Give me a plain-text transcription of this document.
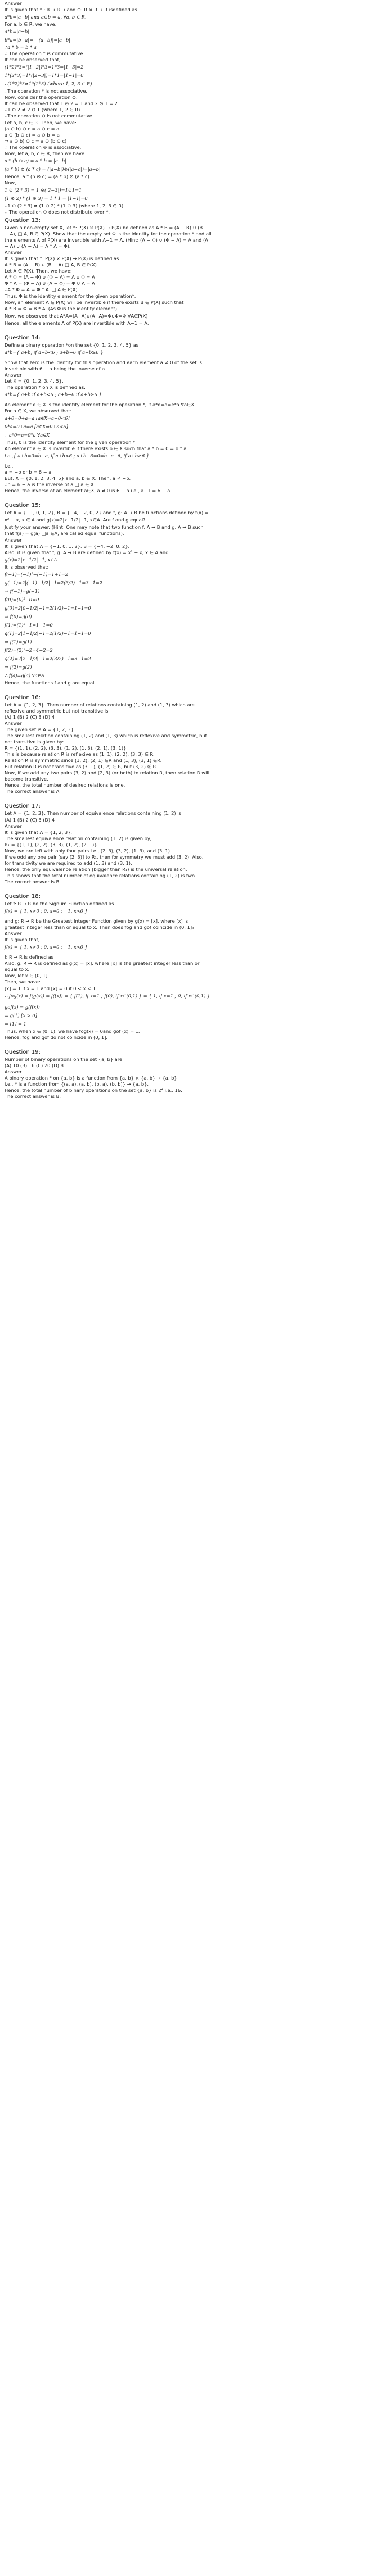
Answer
It is given that * : R → R → and ⊙: R × R → R isdefined as
a*b=|a−b| and a⊙b = a, ∀a, b ∈ R.
For a, b ∈ R, we have:
a*b=|a−b|
b*a=|b−a|=|−(a−b)|=|a−b|
∴a * b = b * a
∴ The operation * is commutative.
It can be observed that,
(1*2)*3=(|1−2|)*3=1*3=|1−3|=2
1*(2*3)=1*(|2−3|)=1*1=|1−1|=0
∴(1*2)*3≠1*(2*3) (where 1, 2, 3 ∈ R)
∴The operation * is not associative.
Now, consider the operation ⊙.
It can be observed that 1 ⊙ 2 = 1 and 2 ⊙ 1 = 2.
∴1 ⊙ 2 ≠ 2 ⊙ 1 (where 1, 2 ∈ R)
∴The operation ⊙ is not commutative.
Let a, b, c ∈ R. Then, we have:
(a ⊙ b) ⊙ c = a ⊙ c = a
a ⊙ (b ⊙ c) = a ⊙ b = a
⇒ a ⊙ b) ⊙ c = a ⊙ (b ⊙ c)
∴ The operation ⊙ is associative.
Now, let a, b, c ∈ R, then we have:
a * (b ⊙ c) = a * b = |a−b|
(a * b) ⊙ (a * c) = (|a−b|)⊙(|a−c|)=|a−b|
Hence, a * (b ⊙ c) = (a * b) ⊙ (a * c).
Now,
1 ⊙ (2 * 3) = 1 ⊙(|2−3|)=1⊙1=1
(1 ⊙ 2) * (1 ⊙ 3) = 1 * 1 = |1−1|=0
∴1 ⊙ (2 * 3) ≠ (1 ⊙ 2) * (1 ⊙ 3) (where 1, 2, 3 ∈ R)
∴ The operation ⊙ does not distribute over *.
Question 13:
Given a non-empty set X, let *: P(X) × P(X) → P(X) be defined as A * B = (A − B) ∪ (B
− A), □ A, B ∈ P(X). Show that the empty set Φ is the identity for the operation * and all
the elements A of P(X) are invertible with A−1 = A. (Hint: (A − Φ) ∪ (Φ − A) = A and (A
− A) ∪ (A − A) = A * A = Φ).
Answer
It is given that *: P(X) × P(X) → P(X) is defined as
A * B = (A − B) ∪ (B − A) □ A, B ∈ P(X).
Let A ∈ P(X). Then, we have:
A * Φ = (A − Φ) ∪ (Φ − A) = A ∪ Φ = A
Φ * A = (Φ − A) ∪ (A − Φ) = Φ ∪ A = A
∴A * Φ = A = Φ * A. □ A ∈ P(X)
Thus, Φ is the identity element for the given operation*.
Now, an element A ∈ P(X) will be invertible if there exists B ∈ P(X) such that
A * B = Φ = B * A. (As Φ is the identity element)
Now, we observed that A*A=(A−A)∪(A−A)=Φ∪Φ=Φ ∀A∈P(X)
Hence, all the elements A of P(X) are invertible with A−1 = A.
Question 14:
Define a binary operation *on the set {0, 1, 2, 3, 4, 5} as
a*b={ a+b, if a+b<6 ; a+b−6 if a+b≥6 }
Show that zero is the identity for this operation and each element a ≠ 0 of the set is
invertible with 6 − a being the inverse of a.
Answer
Let X = {0, 1, 2, 3, 4, 5}.
The operation * on X is defined as:
a*b={ a+b if a+b<6 ; a+b−6 if a+b≥6 }
An element e ∈ X is the identity element for the operation *, if a*e=a=e*a ∀a∈X
For a ∈ X, we observed that:
a+0=0+a=a [a∈X⇒a+0<6]
0*a=0+a=a [a∈X⇒0+a<6]
∴ a*0=a=0*a ∀a∈X
Thus, 0 is the identity element for the given operation *.
An element a ∈ X is invertible if there exists b ∈ X such that a * b = 0 = b * a.
i.e.,{ a+b=0=b+a, if a+b<6 ; a+b−6=0=b+a−6, if a+b≥6 }
i.e.,
a = −b or b = 6 − a
But, X = {0, 1, 2, 3, 4, 5} and a, b ∈ X. Then, a ≠ −b.
∴b = 6 − a is the inverse of a □ a ∈ X.
Hence, the inverse of an element a∈X, a ≠ 0 is 6 − a i.e., a−1 = 6 − a.
Question 15:
Let A = {−1, 0, 1, 2}, B = {−4, −2, 0, 2} and f, g: A → B be functions defined by f(x) =
x² − x, x ∈ A and g(x)=2|x−1/2|−1, x∈A. Are f and g equal?
Justify your answer. (Hint: One may note that two function f: A → B and g: A → B such
that f(a) = g(a) □a ∈A, are called equal functions).
Answer
It is given that A = {−1, 0, 1, 2}, B = {−4, −2, 0, 2}.
Also, it is given that f, g: A → B are defined by f(x) = x² − x, x ∈ A and
g(x)=2|x−1/2|−1, x∈A
It is observed that:
f(−1)=(−1)²−(−1)=1+1=2
g(−1)=2|(−1)−1/2|−1=2(3/2)−1=3−1=2
⇒ f(−1)=g(−1)
f(0)=(0)²−0=0
g(0)=2|0−1/2|−1=2(1/2)−1=1−1=0
⇒ f(0)=g(0)
f(1)=(1)²−1=1−1=0
g(1)=2|1−1/2|−1=2(1/2)−1=1−1=0
⇒ f(1)=g(1)
f(2)=(2)²−2=4−2=2
g(2)=2|2−1/2|−1=2(3/2)−1=3−1=2
⇒ f(2)=g(2)
∴ f(a)=g(a) ∀a∈A
Hence, the functions f and g are equal.
Question 16:
Let A = {1, 2, 3}. Then number of relations containing (1, 2) and (1, 3) which are
reflexive and symmetric but not transitive is
(A) 1 (B) 2 (C) 3 (D) 4
Answer
The given set is A = {1, 2, 3}.
The smallest relation containing (1, 2) and (1, 3) which is reflexive and symmetric, but
not transitive is given by:
R = {(1, 1), (2, 2), (3, 3), (1, 2), (1, 3), (2, 1), (3, 1)}
This is because relation R is reflexive as (1, 1), (2, 2), (3, 3) ∈ R.
Relation R is symmetric since (1, 2), (2, 1) ∈R and (1, 3), (3, 1) ∈R.
But relation R is not transitive as (3, 1), (1, 2) ∈ R, but (3, 2) ∉ R.
Now, if we add any two pairs (3, 2) and (2, 3) (or both) to relation R, then relation R will
become transitive.
Hence, the total number of desired relations is one.
The correct answer is A.
Question 17:
Let A = {1, 2, 3}. Then number of equivalence relations containing (1, 2) is
(A) 1 (B) 2 (C) 3 (D) 4
Answer
It is given that A = {1, 2, 3}.
The smallest equivalence relation containing (1, 2) is given by,
R₁ = {(1, 1), (2, 2), (3, 3), (1, 2), (2, 1)}
Now, we are left with only four pairs i.e., (2, 3), (3, 2), (1, 3), and (3, 1).
If we odd any one pair [say (2, 3)] to R₁, then for symmetry we must add (3, 2). Also,
for transitivity we are required to add (1, 3) and (3, 1).
Hence, the only equivalence relation (bigger than R₁) is the universal relation.
This shows that the total number of equivalence relations containing (1, 2) is two.
The correct answer is B.
Question 18:
Let f: R → R be the Signum Function defined as
f(x) = { 1, x>0 ; 0, x=0 ; −1, x<0 }
and g: R → R be the Greatest Integer Function given by g(x) = [x], where [x] is
greatest integer less than or equal to x. Then does fog and gof coincide in (0, 1]?
Answer
It is given that,
f(x) = { 1, x>0 ; 0, x=0 ; −1, x<0 }
f: R → R is defined as
Also, g: R → R is defined as g(x) = [x], where [x] is the greatest integer less than or
equal to x.
Now, let x ∈ (0, 1].
Then, we have:
[x] = 1 if x = 1 and [x] = 0 if 0 < x < 1.
∴ fog(x) = f(g(x)) = f([x]) = { f(1), if x=1 ; f(0), if x∈(0,1) } = { 1, if x=1 ; 0, if x∈(0,1) }
gof(x) = g(f(x))
= g(1) [x > 0]
= [1] = 1
Thus, when x ∈ (0, 1), we have fog(x) = 0and gof (x) = 1.
Hence, fog and gof do not coincide in (0, 1].
Question 19:
Number of binary operations on the set {a, b} are
(A) 10 (B) 16 (C) 20 (D) 8
Answer
A binary operation * on {a, b} is a function from {a, b} × {a, b} → {a, b}
i.e., * is a function from {(a, a), (a, b), (b, a), (b, b)} → {a, b}.
Hence, the total number of binary operations on the set {a, b} is 2⁴ i.e., 16.
The correct answer is B.
